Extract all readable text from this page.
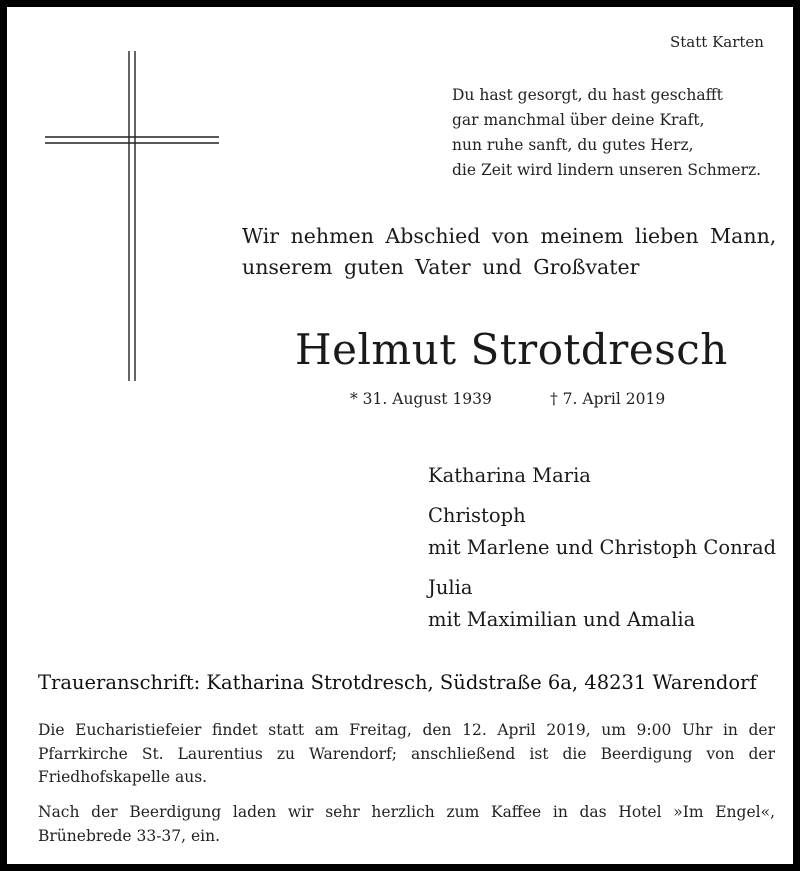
Statt Karten
Du hast gesorgt, du hast geschafft
gar manchmal über deine Kraft,
nun ruhe sanft, du gutes Herz,
die Zeit wird lindern unseren Schmerz.
Wir nehmen Abschied von meinem lieben Mann,
unserem guten Vater und Großvater
Helmut Strotdresch
* 31. August 1939	† 7. April 2019
Katharina Maria
Christoph
mit Marlene und Christoph Conrad
Julia
mit Maximilian und Amalia
Traueranschrift: Katharina Strotdresch, Südstraße 6a, 48231 Warendorf
Die Eucharistiefeier findet statt am Freitag, den 12. April 2019, um 9:00 Uhr in der Pfarrkirche St. Laurentius zu Warendorf; anschließend ist die Beerdigung von der Friedhofskapelle aus.
Nach der Beerdigung laden wir sehr herzlich zum Kaffee in das Hotel »Im Engel«, Brünebrede 33-37, ein.
